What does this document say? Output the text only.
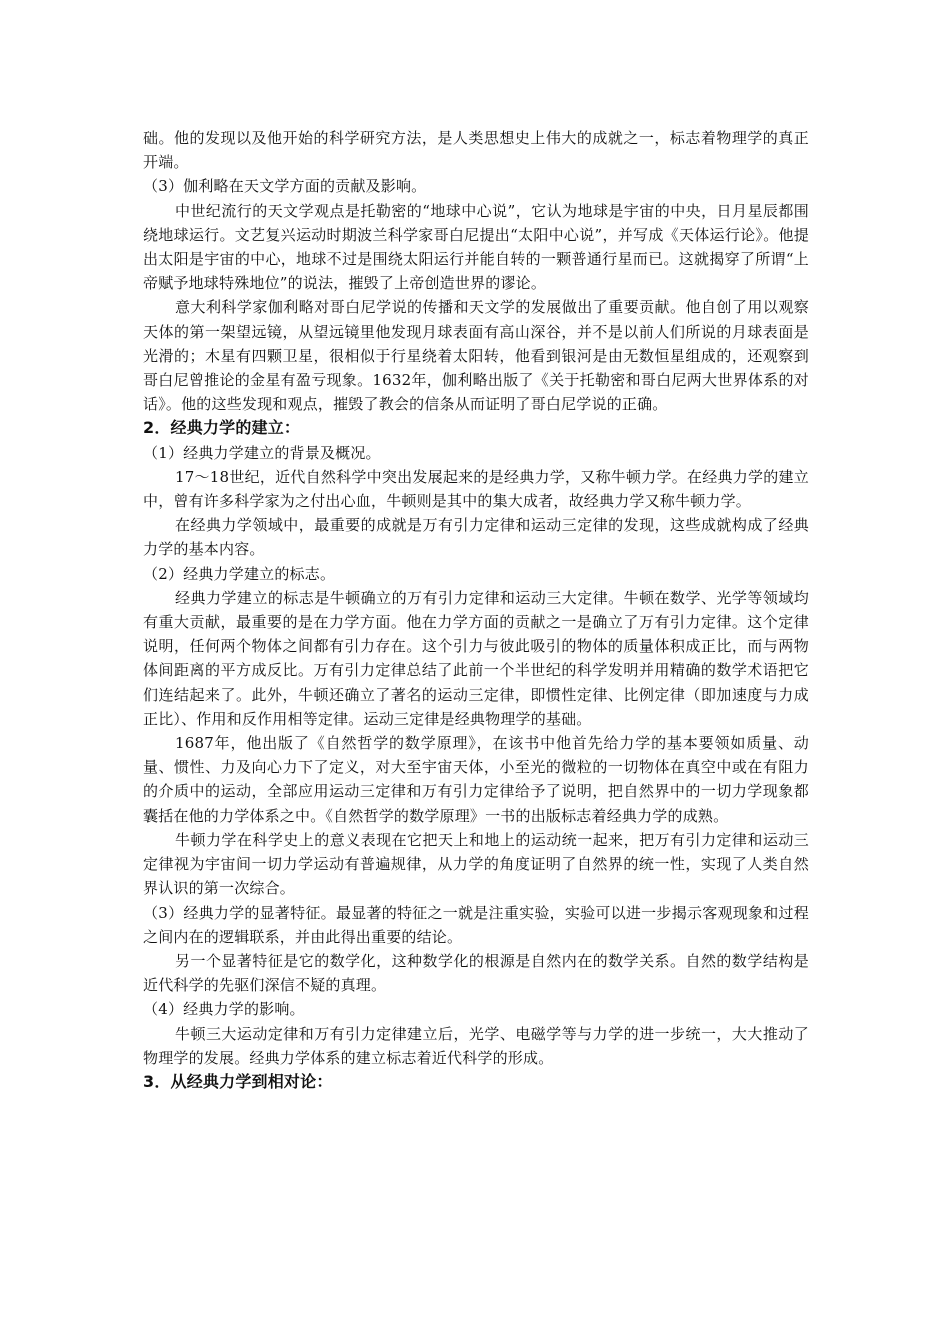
础。他的发现以及他开始的科学研究方法，是人类思想史上伟大的成就之一，标志着物理学的真正开端。

（3）伽利略在天文学方面的贡献及影响。

中世纪流行的天文学观点是托勒密的“地球中心说”，它认为地球是宇宙的中央，日月星辰都围绕地球运行。文艺复兴运动时期波兰科学家哥白尼提出“太阳中心说”，并写成《天体运行论》。他提出太阳是宇宙的中心，地球不过是围绕太阳运行并能自转的一颗普通行星而已。这就揭穿了所谓“上帝赋予地球特殊地位”的说法，摧毁了上帝创造世界的谬论。

意大利科学家伽利略对哥白尼学说的传播和天文学的发展做出了重要贡献。他自创了用以观察天体的第一架望远镜，从望远镜里他发现月球表面有高山深谷，并不是以前人们所说的月球表面是光滑的；木星有四颗卫星，很相似于行星绕着太阳转，他看到银河是由无数恒星组成的，还观察到哥白尼曾推论的金星有盈亏现象。1632年，伽利略出版了《关于托勒密和哥白尼两大世界体系的对话》。他的这些发现和观点，摧毁了教会的信条从而证明了哥白尼学说的正确。

2．经典力学的建立：

（1）经典力学建立的背景及概况。

17～18世纪，近代自然科学中突出发展起来的是经典力学，又称牛顿力学。在经典力学的建立中，曾有许多科学家为之付出心血，牛顿则是其中的集大成者，故经典力学又称牛顿力学。

在经典力学领域中，最重要的成就是万有引力定律和运动三定律的发现，这些成就构成了经典力学的基本内容。

（2）经典力学建立的标志。

经典力学建立的标志是牛顿确立的万有引力定律和运动三大定律。牛顿在数学、光学等领域均有重大贡献，最重要的是在力学方面。他在力学方面的贡献之一是确立了万有引力定律。这个定律说明，任何两个物体之间都有引力存在。这个引力与彼此吸引的物体的质量体积成正比，而与两物体间距离的平方成反比。万有引力定律总结了此前一个半世纪的科学发明并用精确的数学术语把它们连结起来了。此外，牛顿还确立了著名的运动三定律，即惯性定律、比例定律（即加速度与力成正比）、作用和反作用相等定律。运动三定律是经典物理学的基础。

1687年，他出版了《自然哲学的数学原理》，在该书中他首先给力学的基本要领如质量、动量、惯性、力及向心力下了定义，对大至宇宙天体，小至光的微粒的一切物体在真空中或在有阻力的介质中的运动，全部应用运动三定律和万有引力定律给予了说明，把自然界中的一切力学现象都囊括在他的力学体系之中。《自然哲学的数学原理》一书的出版标志着经典力学的成熟。

牛顿力学在科学史上的意义表现在它把天上和地上的运动统一起来，把万有引力定律和运动三定律视为宇宙间一切力学运动有普遍规律，从力学的角度证明了自然界的统一性，实现了人类自然界认识的第一次综合。

（3）经典力学的显著特征。最显著的特征之一就是注重实验，实验可以进一步揭示客观现象和过程之间内在的逻辑联系，并由此得出重要的结论。

另一个显著特征是它的数学化，这种数学化的根源是自然内在的数学关系。自然的数学结构是近代科学的先驱们深信不疑的真理。

（4）经典力学的影响。

牛顿三大运动定律和万有引力定律建立后，光学、电磁学等与力学的进一步统一，大大推动了物理学的发展。经典力学体系的建立标志着近代科学的形成。

3．从经典力学到相对论：
